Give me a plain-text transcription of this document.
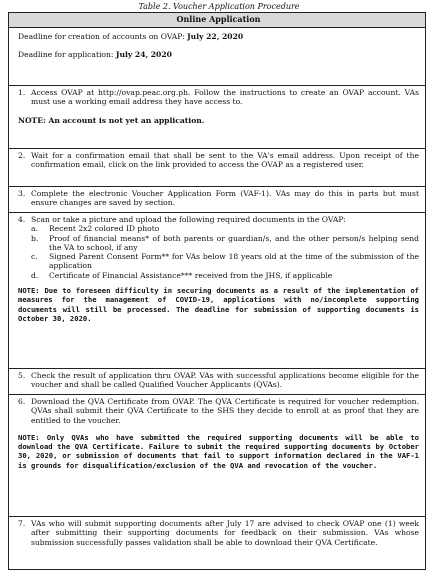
Table 2. Voucher Application Procedure
Online Application

Deadline for creation of accounts on OVAP: July 22, 2020

Deadline for application: July 24, 2020

1. Access OVAP at http://ovap.peac.org.ph. Follow the instructions to create an OVAP account. VAs must use a working email address they have access to.
NOTE: An account is not yet an application.
2. Wait for a confirmation email that shall be sent to the VA's email address. Upon receipt of the confirmation email, click on the link provided to access the OVAP as a registered user.
3. Complete the electronic Voucher Application Form (VAF-1). VAs may do this in parts but must ensure changes are saved by section.
4. Scan or take a picture and upload the following required documents in the OVAP:
a. Recent 2x2 colored ID photo
b. Proof of financial means* of both parents or guardian/s, and the other person/s helping send the VA to school, if any
c. Signed Parent Consent Form** for VAs below 18 years old at the time of the submission of the application
d. Certificate of Financial Assistance*** received from the JHS, if applicable
NOTE: Due to foreseen difficulty in securing documents as a result of the implementation of measures for the management of COVID-19, applications with no/incomplete supporting documents will still be processed. The deadline for submission of supporting documents is October 30, 2020.
5. Check the result of application thru OVAP. VAs with successful applications become eligible for the voucher and shall be called Qualified Voucher Applicants (QVAs).
6. Download the QVA Certificate from OVAP. The QVA Certificate is required for voucher redemption. QVAs shall submit their QVA Certificate to the SHS they decide to enroll at as proof that they are entitled to the voucher.
NOTE: Only QVAs who have submitted the required supporting documents will be able to download the QVA Certificate. Failure to submit the required supporting documents by October 30, 2020, or submission of documents that fail to support information declared in the VAF-1 is grounds for disqualification/exclusion of the QVA and revocation of the voucher.
7. VAs who will submit supporting documents after July 17 are advised to check OVAP one (1) week after submitting their supporting documents for feedback on their submission. VAs whose submission successfully passes validation shall be able to download their QVA Certificate.
